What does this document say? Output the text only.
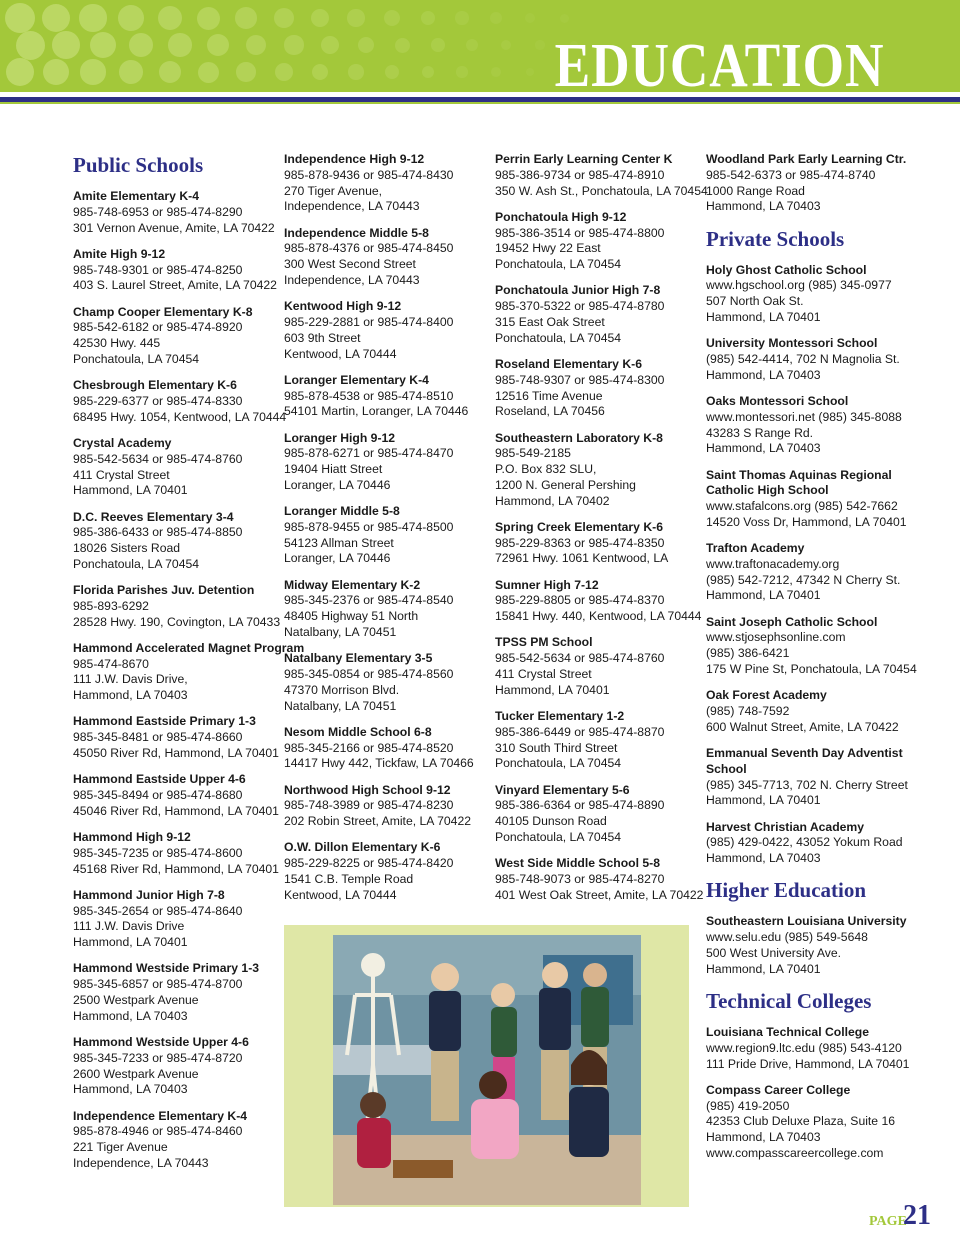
EDUCATION
Public Schools
Amite Elementary K-4
985-748-6953 or 985-474-8290
301 Vernon Avenue, Amite, LA 70422
Amite High 9-12
985-748-9301 or 985-474-8250
403 S. Laurel Street, Amite, LA 70422
Champ Cooper Elementary K-8
985-542-6182 or 985-474-8920
42530 Hwy. 445
Ponchatoula, LA 70454
Chesbrough Elementary K-6
985-229-6377 or 985-474-8330
68495 Hwy. 1054, Kentwood, LA 70444
Crystal Academy
985-542-5634 or 985-474-8760
411 Crystal Street
Hammond, LA 70401
D.C. Reeves Elementary 3-4
985-386-6433 or 985-474-8850
18026 Sisters Road
Ponchatoula, LA 70454
Florida Parishes Juv. Detention
985-893-6292
28528 Hwy. 190, Covington, LA 70433
Hammond Accelerated Magnet Program
985-474-8670
111 J.W. Davis Drive,
Hammond, LA 70403
Hammond Eastside Primary 1-3
985-345-8481 or 985-474-8660
45050 River Rd, Hammond, LA 70401
Hammond Eastside Upper 4-6
985-345-8494 or 985-474-8680
45046 River Rd, Hammond, LA 70401
Hammond High 9-12
985-345-7235 or 985-474-8600
45168 River Rd, Hammond, LA 70401
Hammond Junior High 7-8
985-345-2654 or 985-474-8640
111 J.W. Davis Drive
Hammond, LA 70401
Hammond Westside Primary 1-3
985-345-6857 or 985-474-8700
2500 Westpark Avenue
Hammond, LA 70403
Hammond Westside Upper 4-6
985-345-7233 or 985-474-8720
2600 Westpark Avenue
Hammond, LA 70403
Independence Elementary K-4
985-878-4946 or 985-474-8460
221 Tiger Avenue
Independence, LA 70443
Independence High 9-12
985-878-9436 or 985-474-8430
270 Tiger Avenue,
Independence, LA 70443
Independence Middle 5-8
985-878-4376 or 985-474-8450
300 West Second Street
Independence, LA 70443
Kentwood High 9-12
985-229-2881 or 985-474-8400
603 9th Street
Kentwood, LA 70444
Loranger Elementary K-4
985-878-4538 or 985-474-8510
54101 Martin, Loranger, LA 70446
Loranger High 9-12
985-878-6271 or 985-474-8470
19404 Hiatt Street
Loranger, LA 70446
Loranger Middle 5-8
985-878-9455 or 985-474-8500
54123 Allman Street
Loranger, LA 70446
Midway Elementary K-2
985-345-2376 or 985-474-8540
48405 Highway 51 North
Natalbany, LA 70451
Natalbany Elementary 3-5
985-345-0854 or 985-474-8560
47370 Morrison Blvd.
Natalbany, LA 70451
Nesom Middle School 6-8
985-345-2166 or 985-474-8520
14417 Hwy 442, Tickfaw, LA 70466
Northwood High School 9-12
985-748-3989 or 985-474-8230
202 Robin Street, Amite, LA 70422
O.W. Dillon Elementary K-6
985-229-8225 or 985-474-8420
1541 C.B. Temple Road
Kentwood, LA 70444
Perrin Early Learning Center K
985-386-9734 or 985-474-8910
350 W. Ash St., Ponchatoula, LA 70454
Ponchatoula High 9-12
985-386-3514 or 985-474-8800
19452 Hwy 22 East
Ponchatoula, LA 70454
Ponchatoula Junior High 7-8
985-370-5322 or 985-474-8780
315 East Oak Street
Ponchatoula, LA 70454
Roseland Elementary K-6
985-748-9307 or 985-474-8300
12516 Time Avenue
Roseland, LA 70456
Southeastern Laboratory K-8
985-549-2185
P.O. Box 832 SLU,
1200 N. General Pershing
Hammond, LA 70402
Spring Creek Elementary K-6
985-229-8363 or 985-474-8350
72961 Hwy. 1061 Kentwood, LA
Sumner High 7-12
985-229-8805 or 985-474-8370
15841 Hwy. 440, Kentwood, LA 70444
TPSS PM School
985-542-5634 or 985-474-8760
411 Crystal Street
Hammond, LA 70401
Tucker Elementary 1-2
985-386-6449 or 985-474-8870
310 South Third Street
Ponchatoula, LA 70454
Vinyard Elementary 5-6
985-386-6364 or 985-474-8890
40105 Dunson Road
Ponchatoula, LA 70454
West Side Middle School 5-8
985-748-9073 or 985-474-8270
401 West Oak Street, Amite, LA 70422
Woodland Park Early Learning Ctr.
985-542-6373 or 985-474-8740
1000 Range Road
Hammond, LA 70403
Private Schools
Holy Ghost Catholic School
www.hgschool.org (985) 345-0977
507 North Oak St.
Hammond, LA 70401
University Montessori School
(985) 542-4414, 702 N Magnolia St.
Hammond, LA 70403
Oaks Montessori School
www.montessori.net (985) 345-8088
43283 S Range Rd.
Hammond, LA 70403
Saint Thomas Aquinas Regional
Catholic High School
www.stafalcons.org (985) 542-7662
14520 Voss Dr, Hammond, LA 70401
Trafton Academy
www.traftonacademy.org
(985) 542-7212, 47342 N Cherry St.
Hammond, LA 70401
Saint Joseph Catholic School
www.stjosephsonline.com
(985) 386-6421
175 W Pine St, Ponchatoula, LA 70454
Oak Forest Academy
(985) 748-7592
600 Walnut Street, Amite, LA 70422
Emmanual Seventh Day Adventist
School
(985) 345-7713, 702 N. Cherry Street
Hammond, LA 70401
Harvest Christian Academy
(985) 429-0422, 43052 Yokum Road
Hammond, LA 70403
Higher Education
Southeastern Louisiana University
www.selu.edu (985) 549-5648
500 West University Ave.
Hammond, LA 70401
Technical Colleges
Louisiana Technical College
www.region9.ltc.edu (985) 543-4120
111 Pride Drive, Hammond, LA 70401
Compass Career College
(985) 419-2050
42353 Club Deluxe Plaza, Suite 16
Hammond, LA 70403
www.compasscareercollege.com
PAGE
21
